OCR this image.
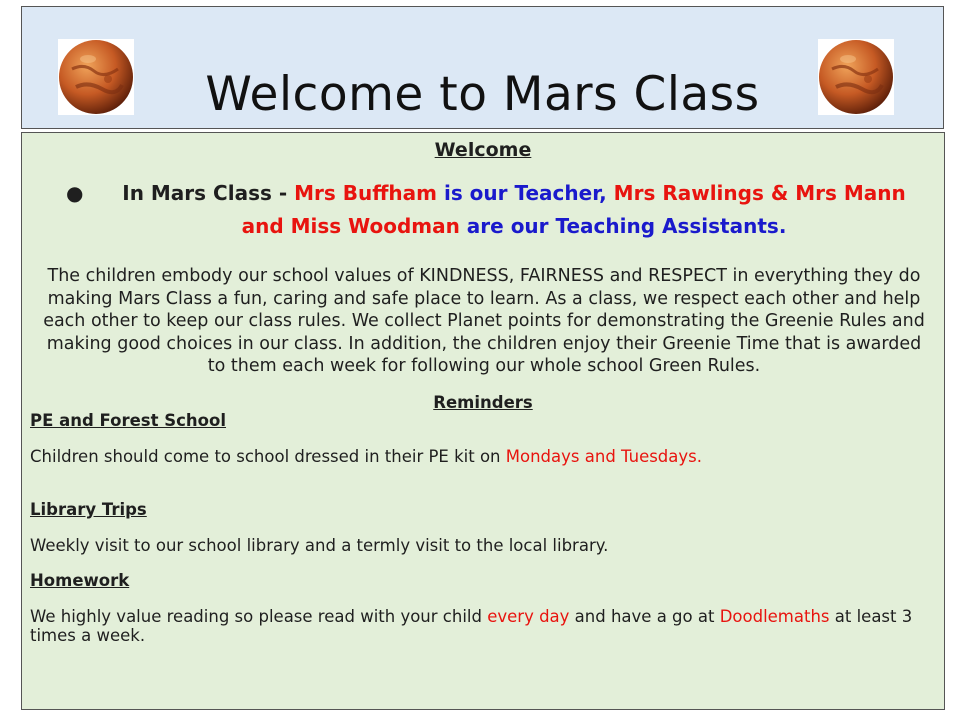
Welcome to Mars Class
Welcome
●	In Mars Class - Mrs Buffham is our Teacher, Mrs Rawlings & Mrs Mann
and Miss Woodman are our Teaching Assistants.
The children embody our school values of KINDNESS, FAIRNESS and RESPECT in everything they do making Mars Class a fun, caring and safe place to learn. As a class, we respect each other and help each other to keep our class rules. We collect Planet points for demonstrating the Greenie Rules and making good choices in our class. In addition, the children enjoy their Greenie Time that is awarded to them each week for following our whole school Green Rules.
Reminders
PE and Forest School
Children should come to school dressed in their PE kit on Mondays and Tuesdays.
Library Trips
Weekly visit to our school library and a termly visit to the local library.
Homework
We highly value reading so please read with your child every day and have a go at Doodlemaths at least 3 times a week.
